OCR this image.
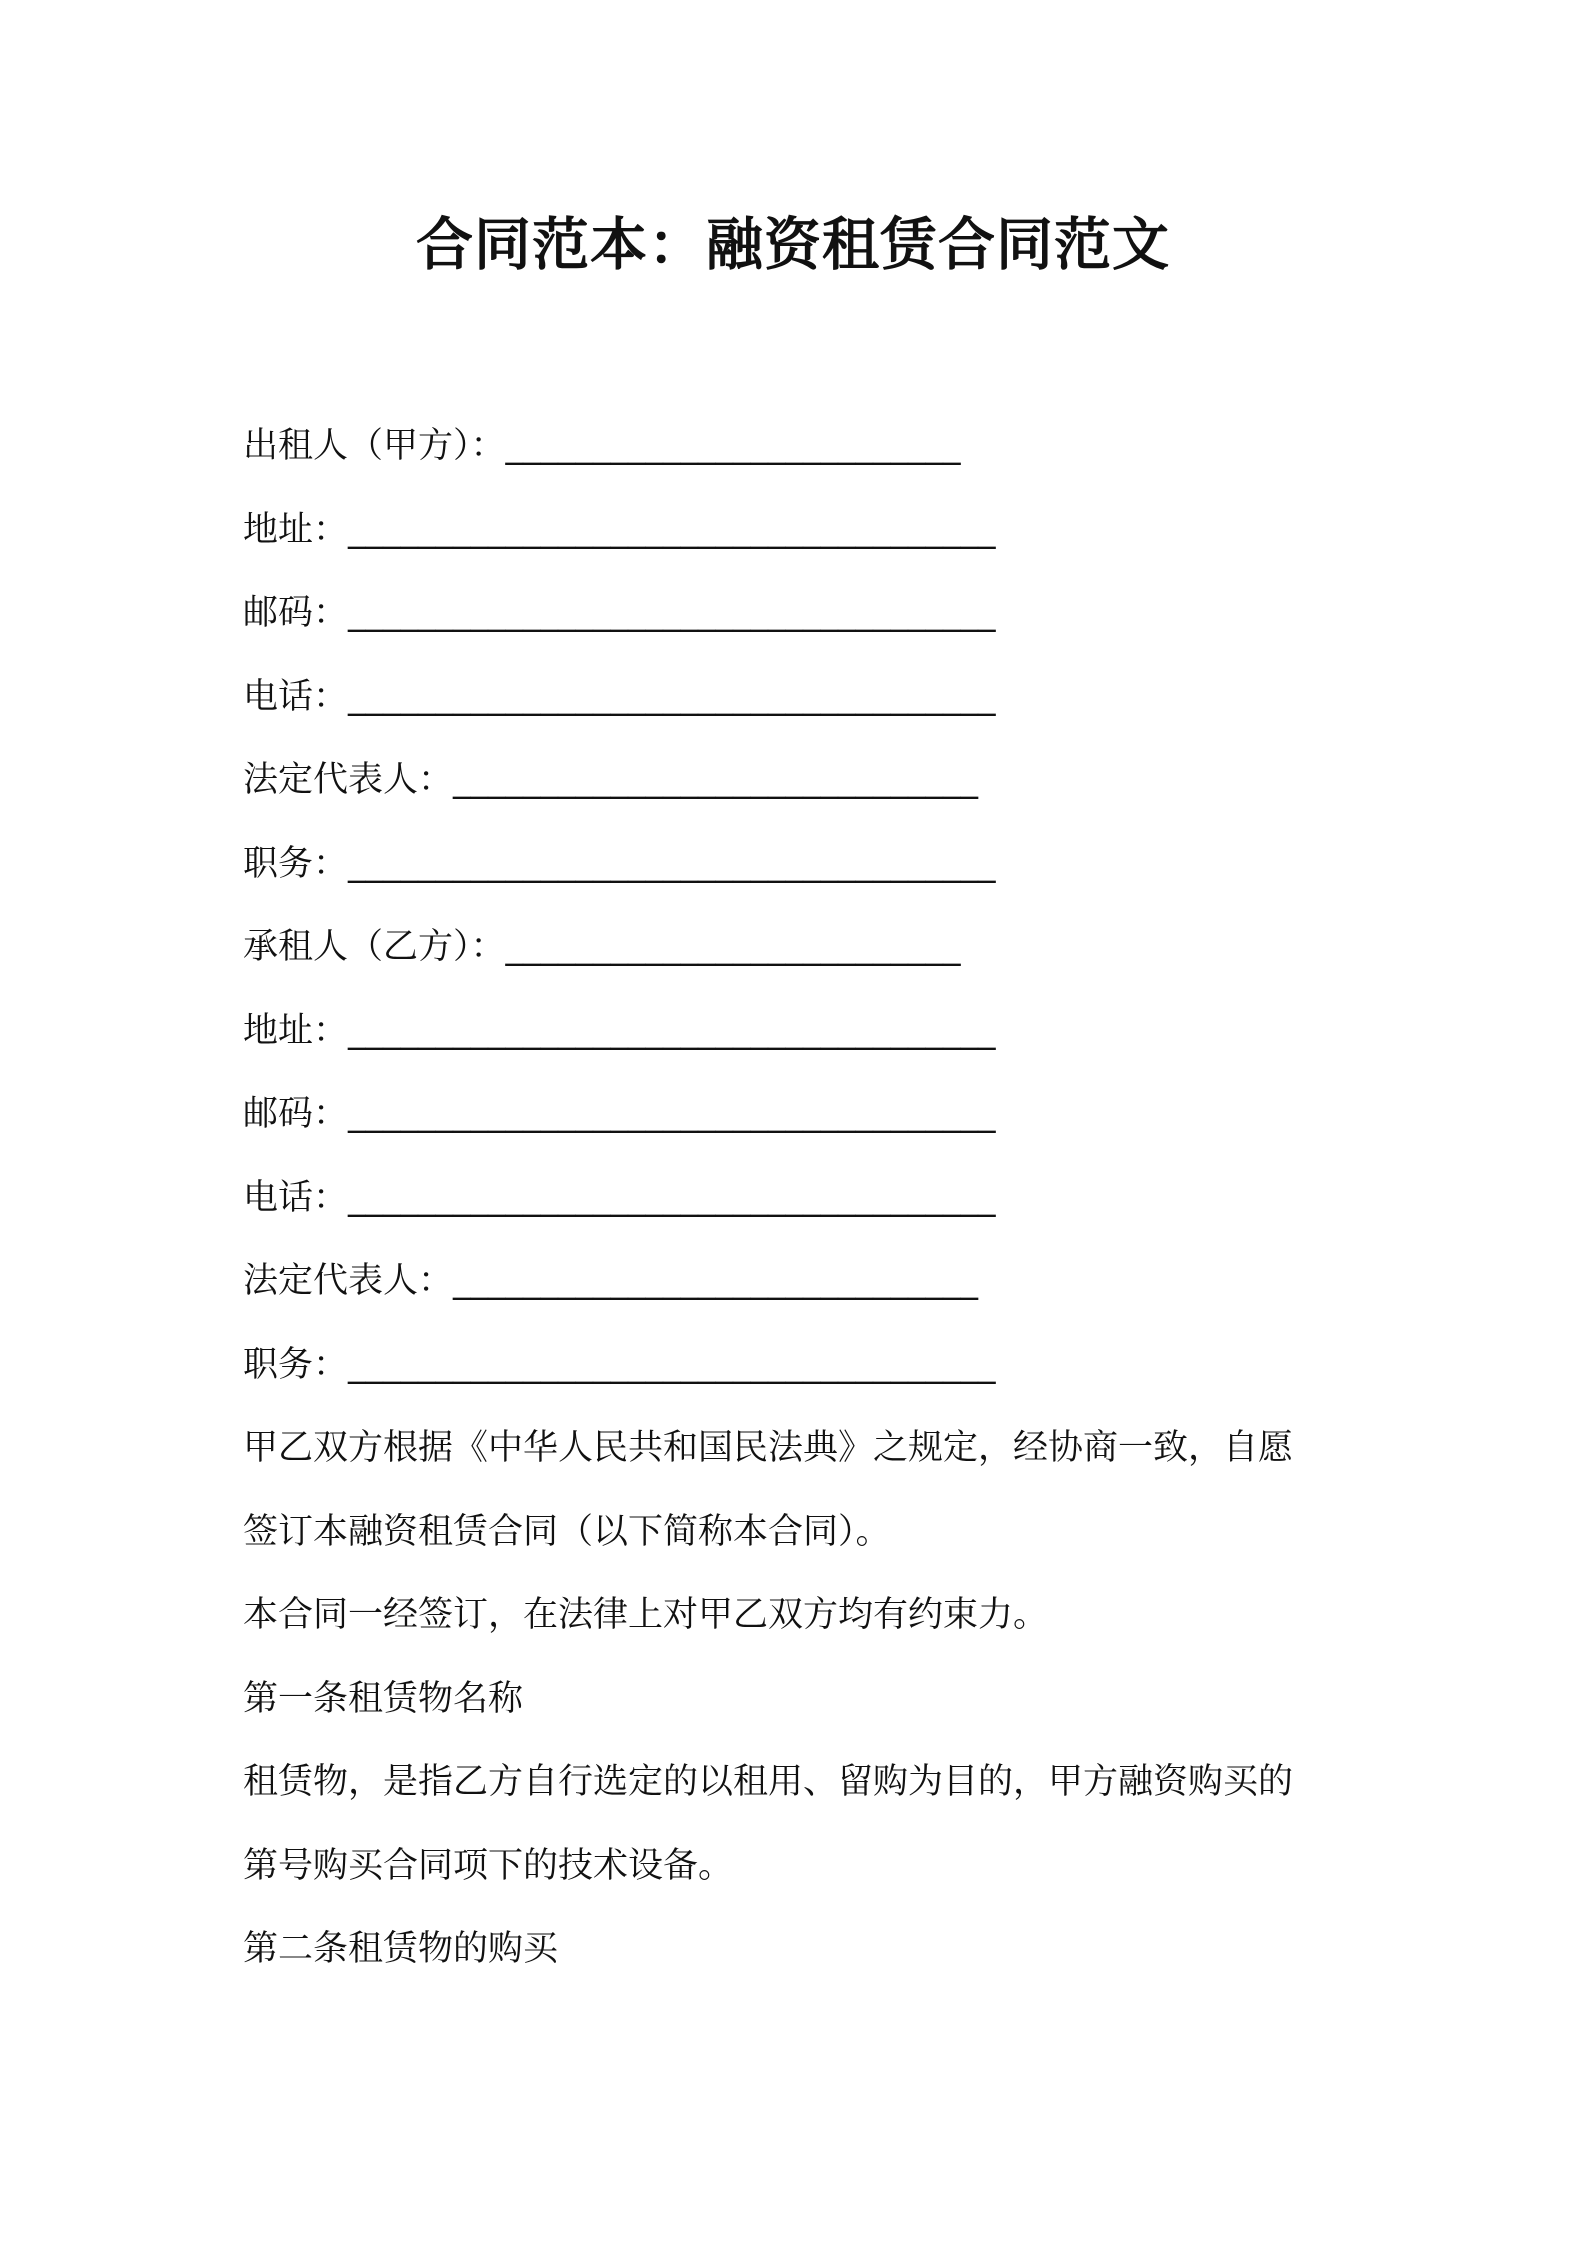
合同范本：融资租赁合同范文

出租人（甲方）：__________________________

地址：_____________________________________

邮码：_____________________________________

电话：_____________________________________

法定代表人：______________________________

职务：_____________________________________

承租人（乙方）：__________________________

地址：_____________________________________

邮码：_____________________________________

电话：_____________________________________

法定代表人：______________________________

职务：_____________________________________

甲乙双方根据《中华人民共和国民法典》之规定，经协商一致，自愿

签订本融资租赁合同（以下简称本合同）。

本合同一经签订，在法律上对甲乙双方均有约束力。

第一条租赁物名称

租赁物，是指乙方自行选定的以租用、留购为目的，甲方融资购买的

第号购买合同项下的技术设备。

第二条租赁物的购买
